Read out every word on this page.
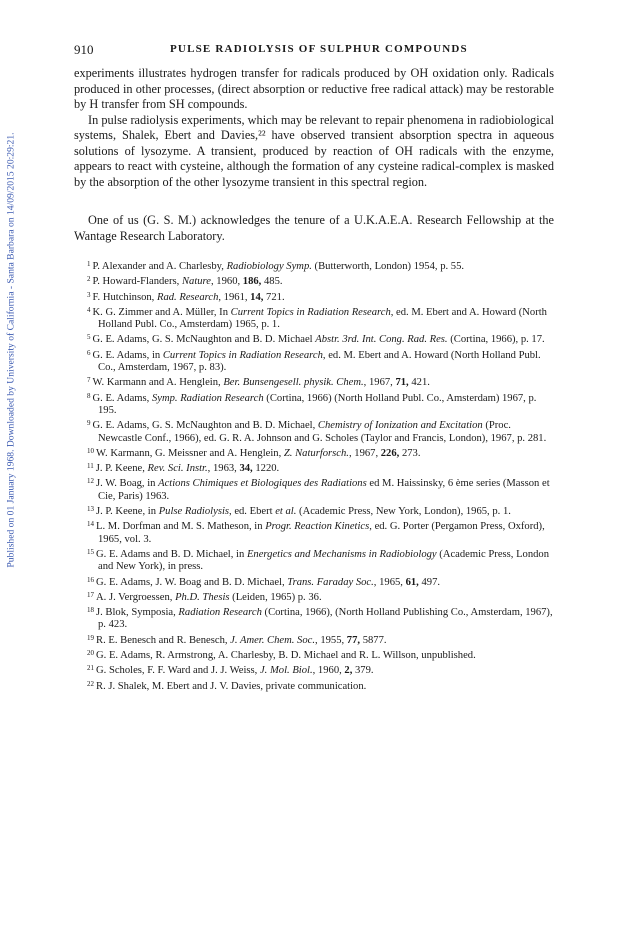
Published on 01 January 1968. Downloaded by University of California - Santa Barbara on 14/09/2015 20:29:21.
910	PULSE RADIOLYSIS OF SULPHUR COMPOUNDS

experiments illustrates hydrogen transfer for radicals produced by OH oxidation only. Radicals produced in other processes, (direct absorption or reductive free radical attack) may be restorable by H transfer from SH compounds.

In pulse radiolysis experiments, which may be relevant to repair phenomena in radiobiological systems, Shalek, Ebert and Davies,²² have observed transient absorption spectra in aqueous solutions of lysozyme. A transient, produced by reaction of OH radicals with the enzyme, appears to react with cysteine, although the formation of any cysteine radical-complex is masked by the absorption of the other lysozyme transient in this spectral region.

One of us (G. S. M.) acknowledges the tenure of a U.K.A.E.A. Research Fellowship at the Wantage Research Laboratory.

$^1$ P. Alexander and A. Charlesby, Radiobiology Symp. (Butterworth, London) 1954, p. 55.

$^2$ P. Howard-Flanders, Nature, 1960, 186, 485.

$^3$ F. Hutchinson, Rad. Research, 1961, 14, 721.

$^4$ K. G. Zimmer and A. Müller, In Current Topics in Radiation Research, ed. M. Ebert and A. Howard (North Holland Publ. Co., Amsterdam) 1965, p. 1.

$^5$ G. E. Adams, G. S. McNaughton and B. D. Michael Abstr. 3rd. Int. Cong. Rad. Res. (Cortina, 1966), p. 17.

$^6$ G. E. Adams, in Current Topics in Radiation Research, ed. M. Ebert and A. Howard (North Holland Publ. Co., Amsterdam, 1967, p. 83).

$^7$ W. Karmann and A. Henglein, Ber. Bunsengesell. physik. Chem., 1967, 71, 421.

$^8$ G. E. Adams, Symp. Radiation Research (Cortina, 1966) (North Holland Publ. Co., Amsterdam) 1967, p. 195.

$^9$ G. E. Adams, G. S. McNaughton and B. D. Michael, Chemistry of Ionization and Excitation (Proc. Newcastle Conf., 1966), ed. G. R. A. Johnson and G. Scholes (Taylor and Francis, London), 1967, p. 281.

$^{10}$ W. Karmann, G. Meissner and A. Henglein, Z. Naturforsch., 1967, 226, 273.

$^{11}$ J. P. Keene, Rev. Sci. Instr., 1963, 34, 1220.

$^{12}$ J. W. Boag, in Actions Chimiques et Biologiques des Radiations ed M. Haissinsky, 6 ème series (Masson et Cie, Paris) 1963.

$^{13}$ J. P. Keene, in Pulse Radiolysis, ed. Ebert et al. (Academic Press, New York, London), 1965, p. 1.

$^{14}$ L. M. Dorfman and M. S. Matheson, in Progr. Reaction Kinetics, ed. G. Porter (Pergamon Press, Oxford), 1965, vol. 3.

$^{15}$ G. E. Adams and B. D. Michael, in Energetics and Mechanisms in Radiobiology (Academic Press, London and New York), in press.

$^{16}$ G. E. Adams, J. W. Boag and B. D. Michael, Trans. Faraday Soc., 1965, 61, 497.

$^{17}$ A. J. Vergroessen, Ph.D. Thesis (Leiden, 1965) p. 36.

$^{18}$ J. Blok, Symposia, Radiation Research (Cortina, 1966), (North Holland Publishing Co., Amsterdam, 1967), p. 423.

$^{19}$ R. E. Benesch and R. Benesch, J. Amer. Chem. Soc., 1955, 77, 5877.

$^{20}$ G. E. Adams, R. Armstrong, A. Charlesby, B. D. Michael and R. L. Willson, unpublished.

$^{21}$ G. Scholes, F. F. Ward and J. J. Weiss, J. Mol. Biol., 1960, 2, 379.

$^{22}$ R. J. Shalek, M. Ebert and J. V. Davies, private communication.
